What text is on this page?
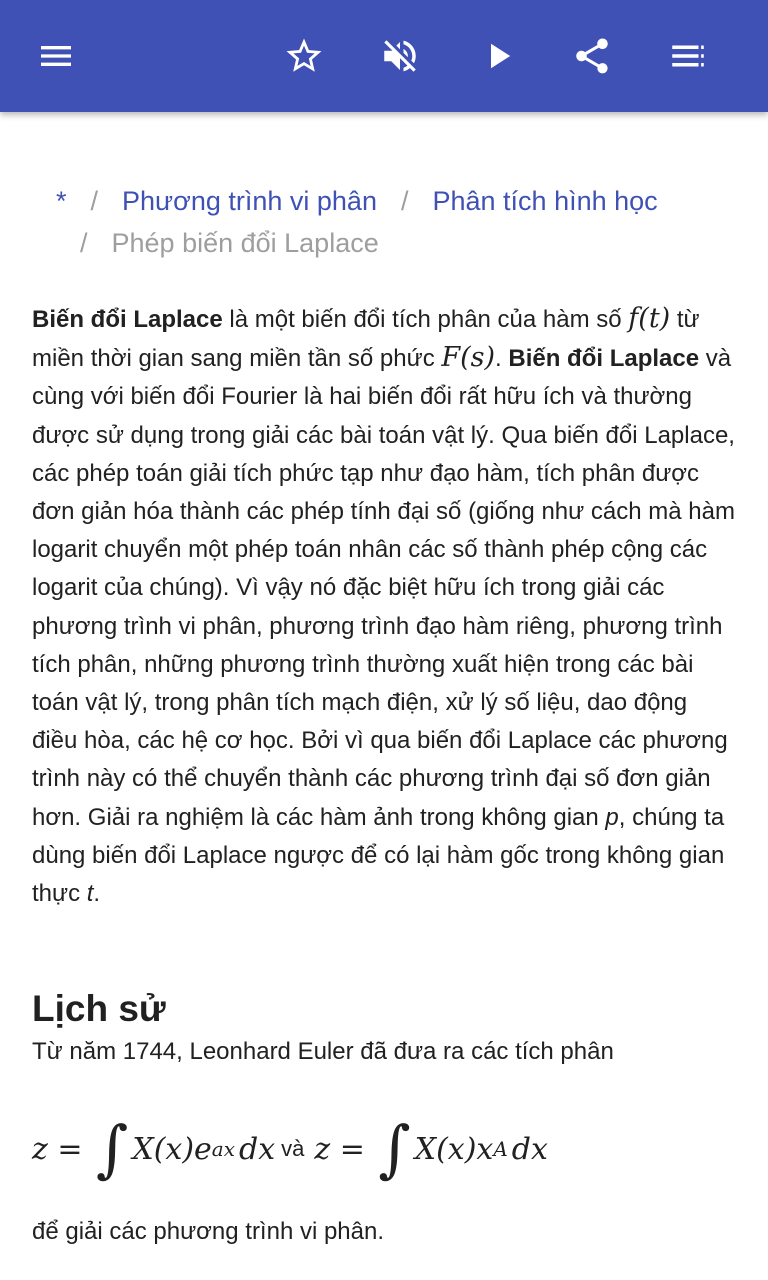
* / Phương trình vi phân / Phân tích hình học
/ Phép biến đổi Laplace

Biến đổi Laplace là một biến đổi tích phân của hàm số f(t) từ miền thời gian sang miền tần số phức F(s). Biến đổi Laplace và cùng với biến đổi Fourier là hai biến đổi rất hữu ích và thường được sử dụng trong giải các bài toán vật lý. Qua biến đổi Laplace, các phép toán giải tích phức tạp như đạo hàm, tích phân được đơn giản hóa thành các phép tính đại số (giống như cách mà hàm logarit chuyển một phép toán nhân các số thành phép cộng các logarit của chúng). Vì vậy nó đặc biệt hữu ích trong giải các phương trình vi phân, phương trình đạo hàm riêng, phương trình tích phân, những phương trình thường xuất hiện trong các bài toán vật lý, trong phân tích mạch điện, xử lý số liệu, dao động điều hòa, các hệ cơ học. Bởi vì qua biến đổi Laplace các phương trình này có thể chuyển thành các phương trình đại số đơn giản hơn. Giải ra nghiệm là các hàm ảnh trong không gian p, chúng ta dùng biến đổi Laplace ngược để có lại hàm gốc trong không gian thực t.

Lịch sử

Từ năm 1744, Leonhard Euler đã đưa ra các tích phân

z = ∫ X (x) e ax dx và z = ∫ X (x) x A dx

để giải các phương trình vi phân.
